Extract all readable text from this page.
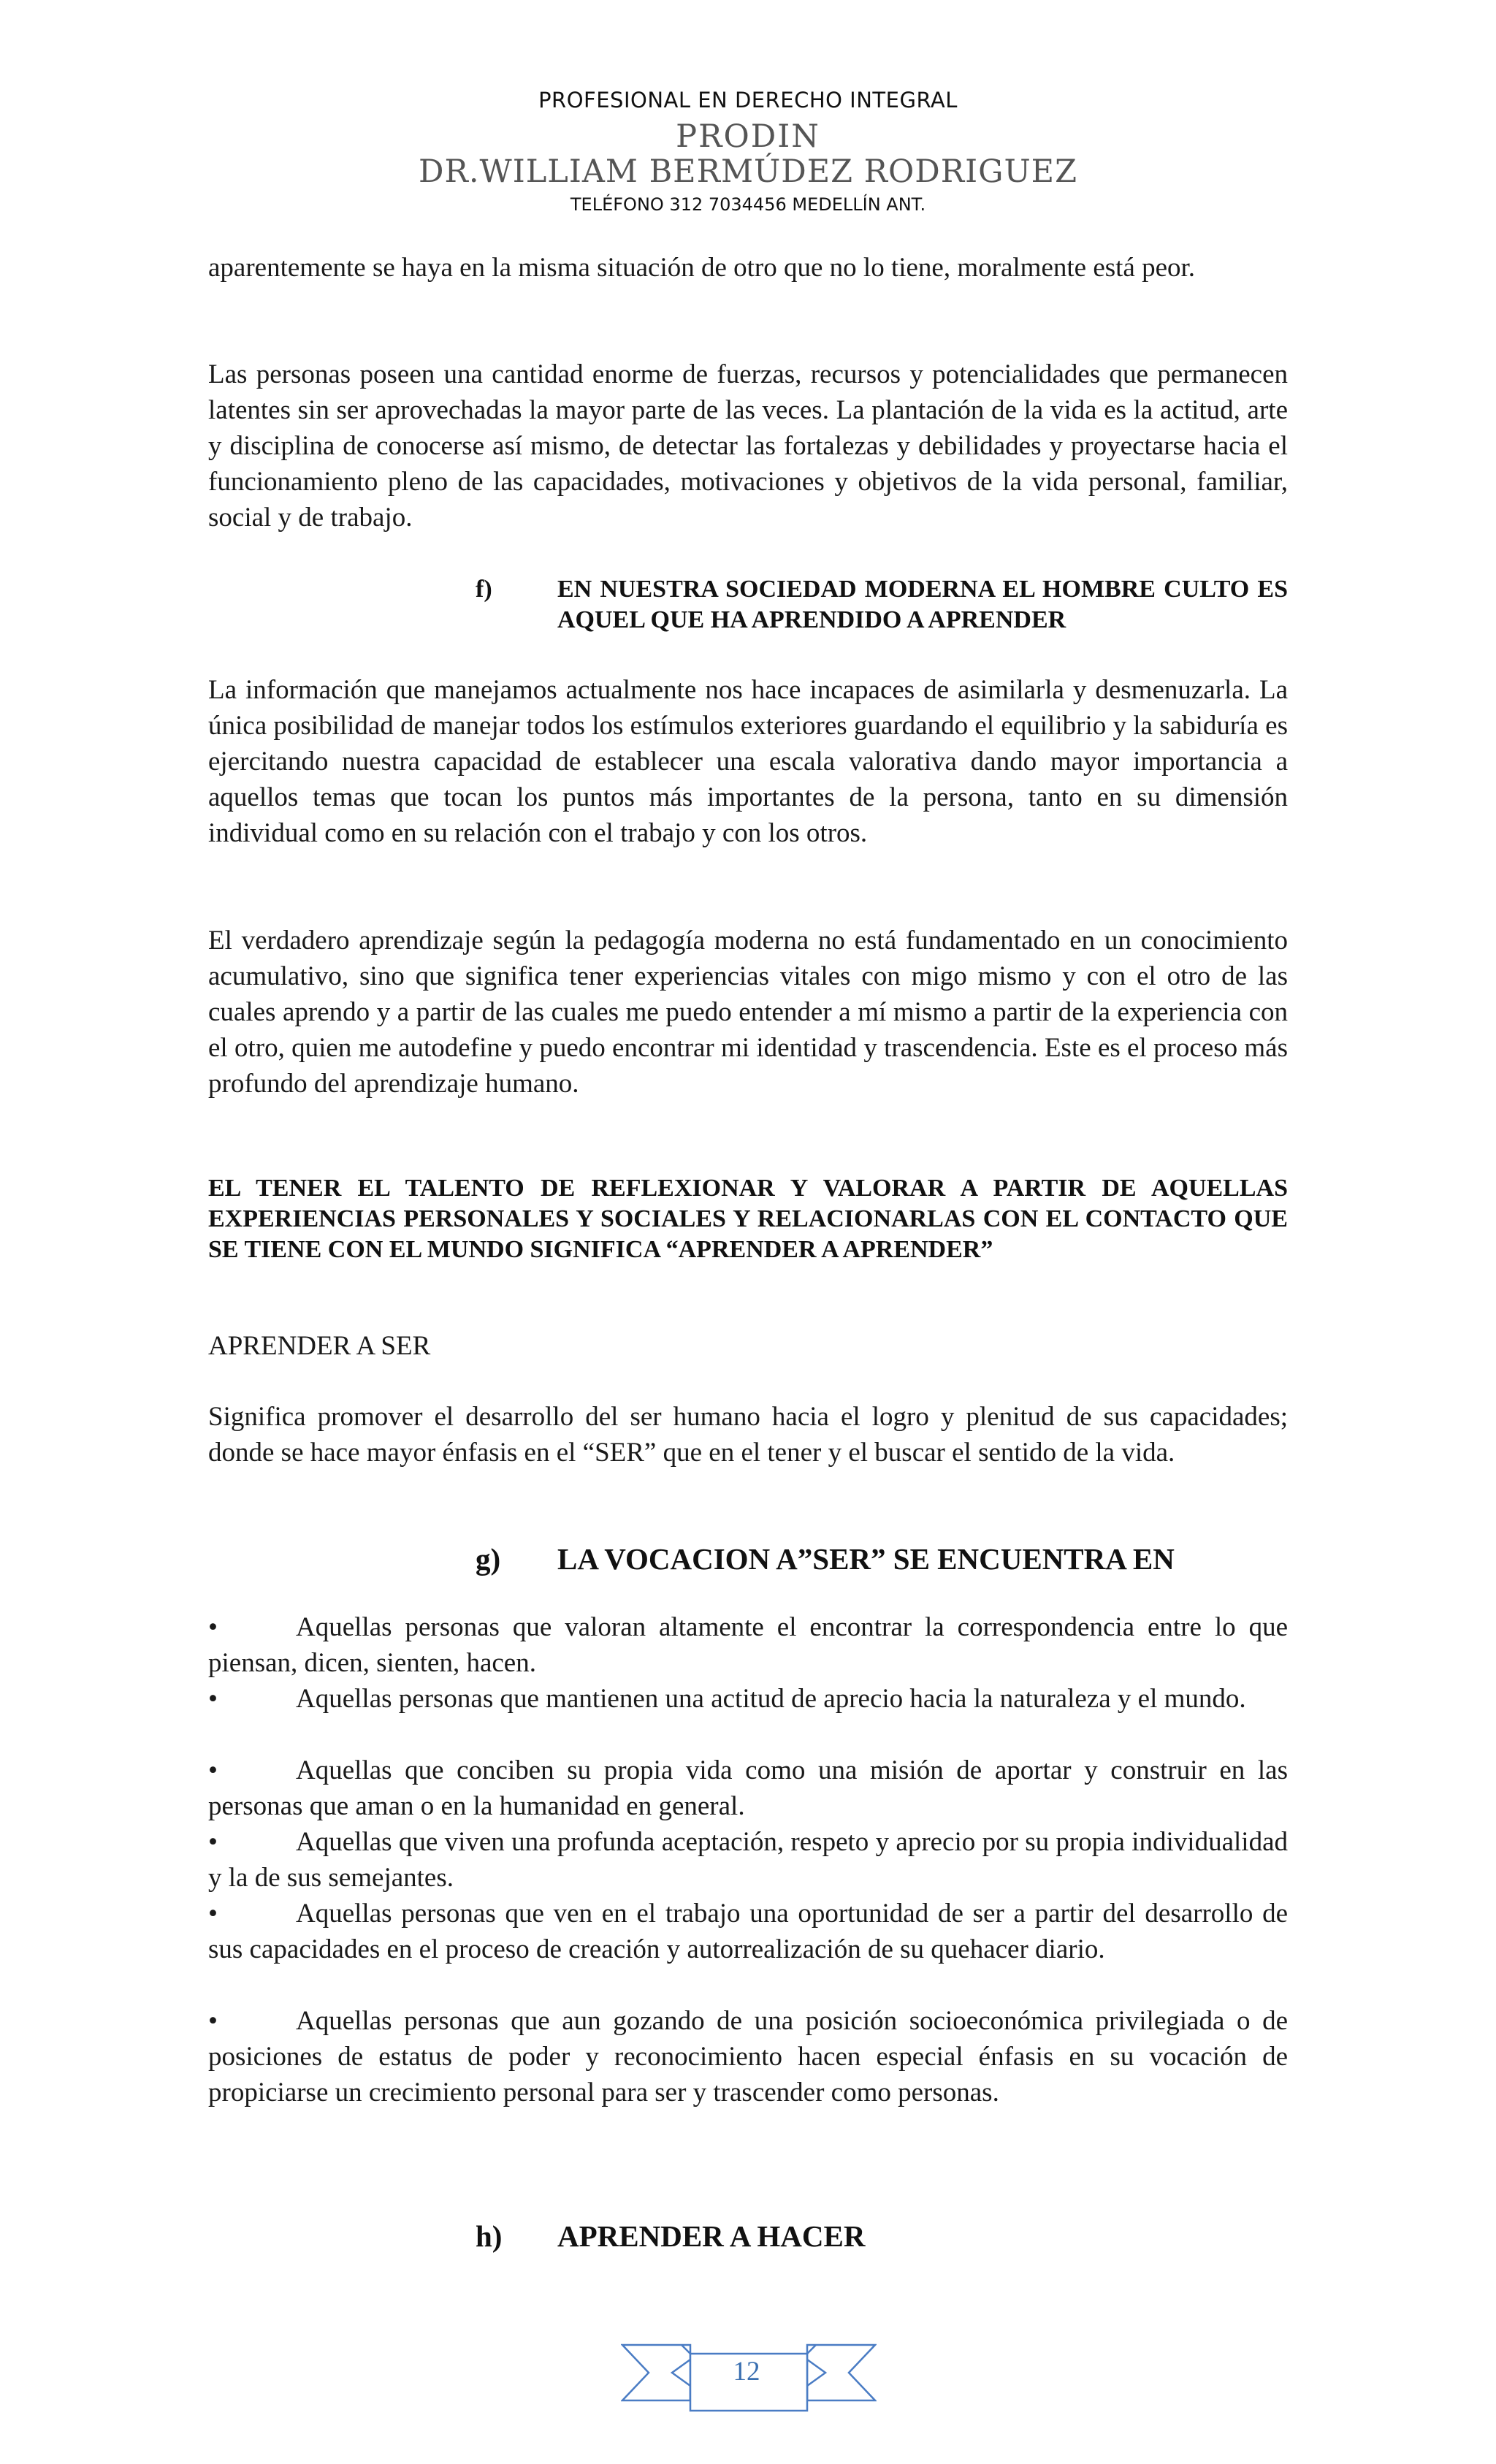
PROFESIONAL EN DERECHO INTEGRAL
PRODIN
DR.WILLIAM BERMÚDEZ RODRIGUEZ
TELÉFONO 312 7034456 MEDELLÍN ANT.

aparentemente se haya en la misma situación de otro que no lo tiene, moralmente está peor.

Las personas poseen una cantidad enorme de fuerzas, recursos y potencialidades que permanecen latentes sin ser aprovechadas la mayor parte de las veces. La plantación de la vida es la actitud, arte y disciplina de conocerse así mismo, de detectar las fortalezas y debilidades y proyectarse hacia el funcionamiento pleno de las capacidades, motivaciones y objetivos de la vida personal, familiar, social y de trabajo.

f)	EN NUESTRA SOCIEDAD MODERNA EL HOMBRE CULTO ES AQUEL QUE HA APRENDIDO A APRENDER

La información que manejamos actualmente nos hace incapaces de asimilarla y desmenuzarla. La única posibilidad de manejar todos los estímulos exteriores guardando el equilibrio y la sabiduría es ejercitando nuestra capacidad de establecer una escala valorativa dando mayor importancia a aquellos temas que tocan los puntos más importantes de la persona, tanto en su dimensión individual como en su relación con el trabajo y con los otros.

El verdadero aprendizaje según la pedagogía moderna no está fundamentado en un conocimiento acumulativo, sino que significa tener experiencias vitales con migo mismo y con el otro de las cuales aprendo y a partir de las cuales me puedo entender a mí mismo a partir de la experiencia con el otro, quien me autodefine y puedo encontrar mi identidad y trascendencia. Este es el proceso más profundo del aprendizaje humano.

EL TENER EL TALENTO DE REFLEXIONAR Y VALORAR A PARTIR DE AQUELLAS EXPERIENCIAS PERSONALES Y SOCIALES Y RELACIONARLAS CON EL CONTACTO QUE SE TIENE CON EL MUNDO SIGNIFICA “APRENDER A APRENDER”

APRENDER A SER

Significa promover el desarrollo del ser humano hacia el logro y plenitud de sus capacidades; donde se hace mayor énfasis en el “SER” que en el tener y el buscar el sentido de la vida.

g) LA VOCACION A”SER” SE ENCUENTRA EN
•	Aquellas personas que valoran altamente el encontrar la correspondencia entre lo que piensan, dicen, sienten, hacen.
•	Aquellas personas que mantienen una actitud de aprecio hacia la naturaleza y el mundo.
•	Aquellas que conciben su propia vida como una misión de aportar y construir en las personas que aman o en la humanidad en general.
•	Aquellas que viven una profunda aceptación, respeto y aprecio por su propia individualidad y la de sus semejantes.
•	Aquellas personas que ven en el trabajo una oportunidad de ser a partir del desarrollo de sus capacidades en el proceso de creación y autorrealización de su quehacer diario.
•	Aquellas personas que aun gozando de una posición socioeconómica privilegiada o de posiciones de estatus de poder y reconocimiento hacen especial énfasis en su vocación de propiciarse un crecimiento personal para ser y trascender como personas.
h) APRENDER A HACER
12
